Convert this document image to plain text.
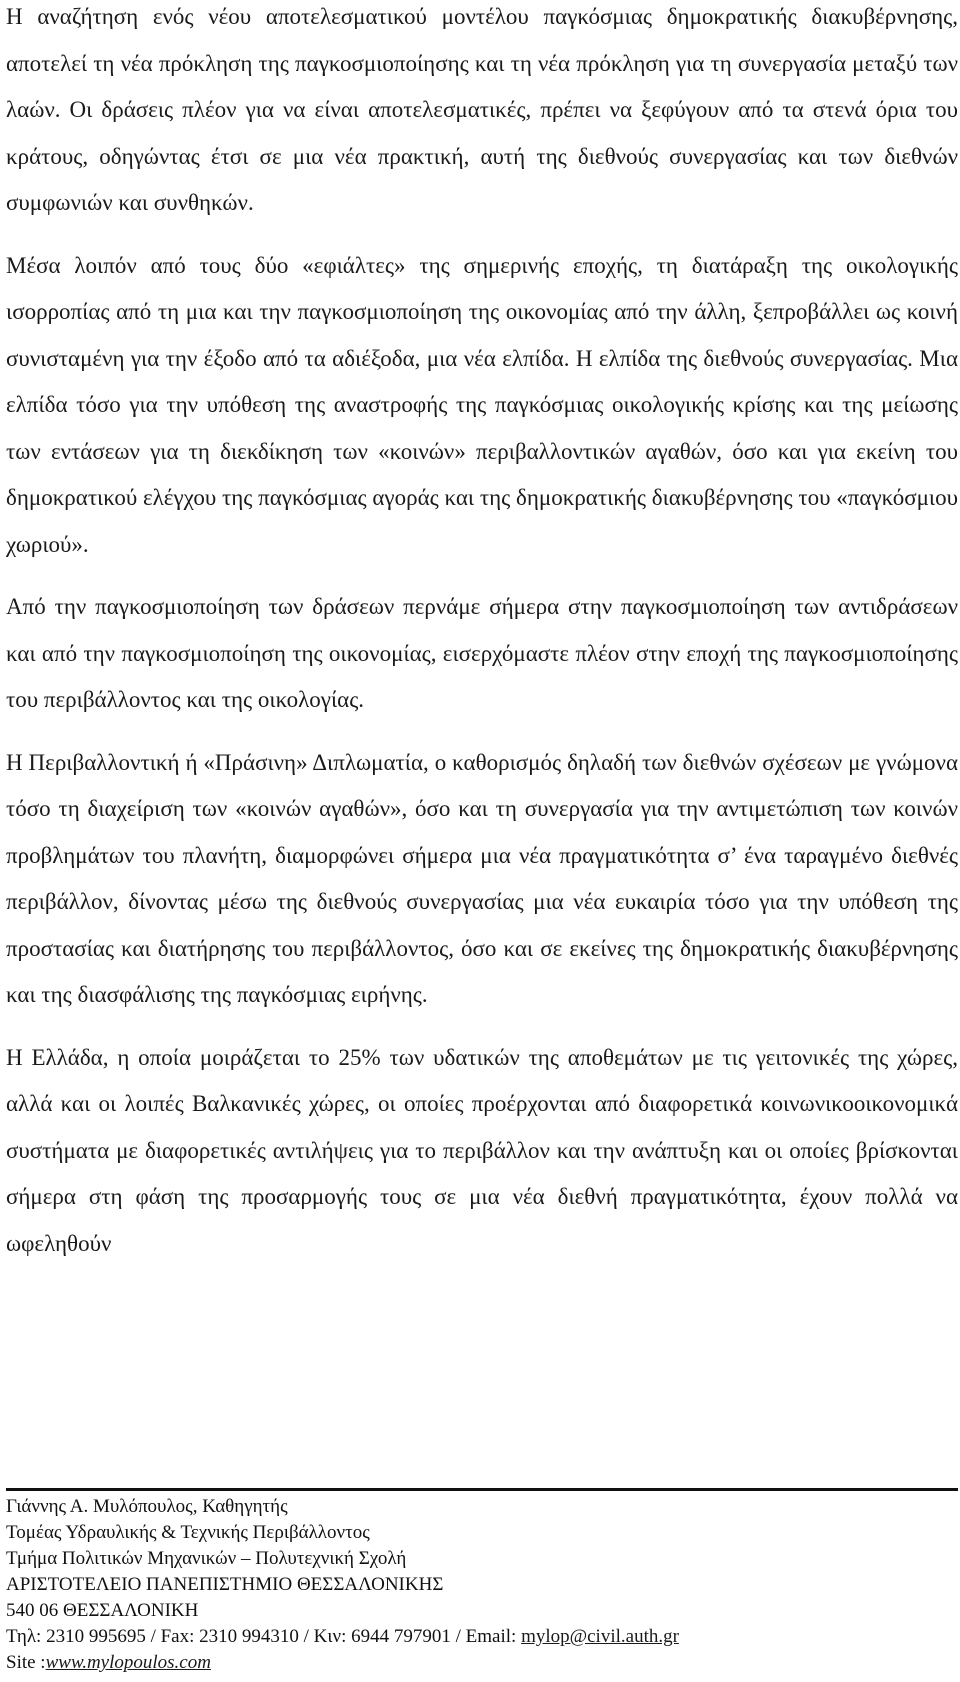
Η αναζήτηση ενός νέου αποτελεσματικού μοντέλου παγκόσμιας δημοκρατικής διακυβέρνησης, αποτελεί τη νέα πρόκληση της παγκοσμιοποίησης και τη νέα πρόκληση για τη συνεργασία μεταξύ των λαών. Οι δράσεις πλέον για να είναι αποτελεσματικές, πρέπει να ξεφύγουν από τα στενά όρια του κράτους, οδηγώντας έτσι σε μια νέα πρακτική, αυτή της διεθνούς συνεργασίας και των διεθνών συμφωνιών και συνθηκών.

Μέσα λοιπόν από τους δύο «εφιάλτες» της σημερινής εποχής, τη διατάραξη της οικολογικής ισορροπίας από τη μια και την παγκοσμιοποίηση της οικονομίας από την άλλη, ξεπροβάλλει ως κοινή συνισταμένη για την έξοδο από τα αδιέξοδα, μια νέα ελπίδα. Η ελπίδα της διεθνούς συνεργασίας. Μια ελπίδα τόσο για την υπόθεση της αναστροφής της παγκόσμιας οικολογικής κρίσης και της μείωσης των εντάσεων για τη διεκδίκηση των «κοινών» περιβαλλοντικών αγαθών, όσο και για εκείνη του δημοκρατικού ελέγχου της παγκόσμιας αγοράς και της δημοκρατικής διακυβέρνησης του «παγκόσμιου χωριού».

Από την παγκοσμιοποίηση των δράσεων περνάμε σήμερα στην παγκοσμιοποίηση των αντιδράσεων και από την παγκοσμιοποίηση της οικονομίας, εισερχόμαστε πλέον στην εποχή της παγκοσμιοποίησης του περιβάλλοντος και της οικολογίας.

Η Περιβαλλοντική ή «Πράσινη» Διπλωματία, ο καθορισμός δηλαδή των διεθνών σχέσεων με γνώμονα τόσο τη διαχείριση των «κοινών αγαθών», όσο και τη συνεργασία για την αντιμετώπιση των κοινών προβλημάτων του πλανήτη, διαμορφώνει σήμερα μια νέα πραγματικότητα σ’ ένα ταραγμένο διεθνές περιβάλλον, δίνοντας μέσω της διεθνούς συνεργασίας μια νέα ευκαιρία τόσο για την υπόθεση της προστασίας και διατήρησης του περιβάλλοντος, όσο και σε εκείνες της δημοκρατικής διακυβέρνησης και της διασφάλισης της παγκόσμιας ειρήνης.

Η Ελλάδα, η οποία μοιράζεται το 25% των υδατικών της αποθεμάτων με τις γειτονικές της χώρες, αλλά και οι λοιπές Βαλκανικές χώρες, οι οποίες προέρχονται από διαφορετικά κοινωνικοοικονομικά συστήματα με διαφορετικές αντιλήψεις για το περιβάλλον και την ανάπτυξη και οι οποίες βρίσκονται σήμερα στη φάση της προσαρμογής τους σε μια νέα διεθνή πραγματικότητα, έχουν πολλά να ωφεληθούν

Γιάννης Α. Μυλόπουλος, Καθηγητής
Τομέας Υδραυλικής & Τεχνικής Περιβάλλοντος
Τμήμα Πολιτικών Μηχανικών – Πολυτεχνική Σχολή
ΑΡΙΣΤΟΤΕΛΕΙΟ ΠΑΝΕΠΙΣΤΗΜΙΟ ΘΕΣΣΑΛΟΝΙΚΗΣ
540 06 ΘΕΣΣΑΛΟΝΙΚΗ
Τηλ: 2310 995695 / Fax: 2310 994310 / Κιν: 6944 797901 / Email: mylop@civil.auth.gr
Site :www.mylopoulos.com
